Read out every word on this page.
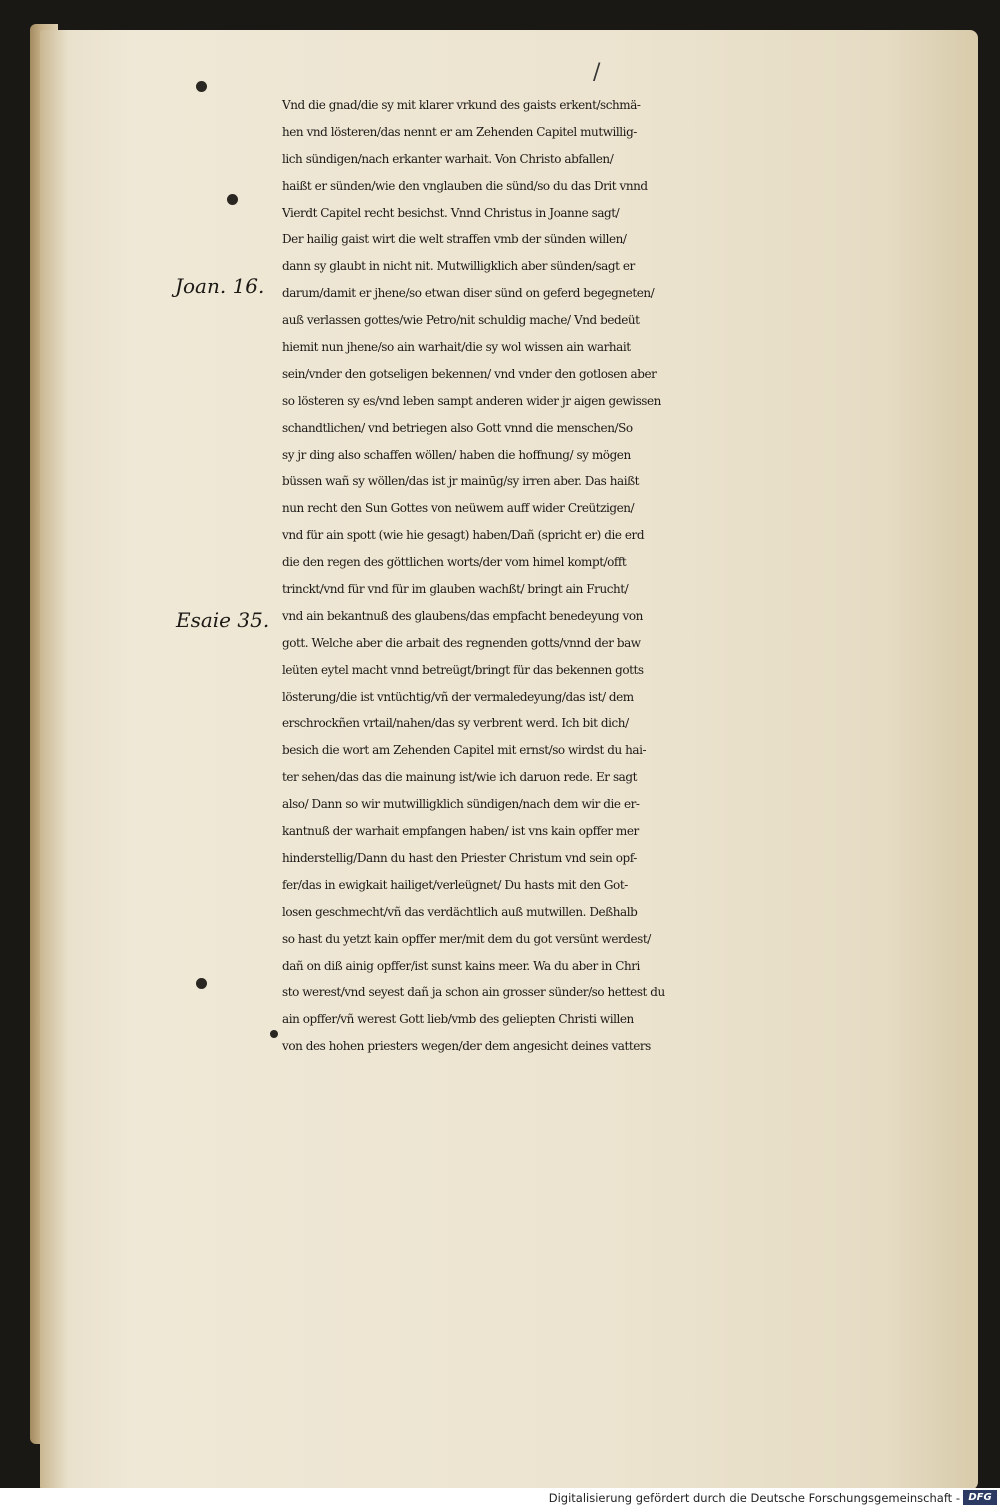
/
Joan. 16.
Esaie 35.
Vnd die gnad/die sy mit klarer vrkund des gaists erkent/schmä-
hen vnd lösteren/das nennt er am Zehenden Capitel mutwillig-
lich sündigen/nach erkanter warhait. Von Christo abfallen/
haißt er sünden/wie den vnglauben die sünd/so du das Drit vnnd
Vierdt Capitel recht besichst. Vnnd Christus in Joanne sagt/
Der hailig gaist wirt die welt straffen vmb der sünden willen/
dann sy glaubt in nicht nit. Mutwilligklich aber sünden/sagt er
darum/damit er jhene/so etwan diser sünd on geferd begegneten/
auß verlassen gottes/wie Petro/nit schuldig mache/ Vnd bedeüt
hiemit nun jhene/so ain warhait/die sy wol wissen ain warhait
sein/vnder den gotseligen bekennen/ vnd vnder den gotlosen aber
so lösteren sy es/vnd leben sampt anderen wider jr aigen gewissen
schandtlichen/ vnd betriegen also Gott vnnd die menschen/So
sy jr ding also schaffen wöllen/ haben die hoffnung/ sy mögen
büssen wañ sy wöllen/das ist jr mainūg/sy irren aber. Das haißt
nun recht den Sun Gottes von neüwem auff wider Creützigen/
vnd für ain spott (wie hie gesagt) haben/Dañ (spricht er) die erd
die den regen des göttlichen worts/der vom himel kompt/offt
trinckt/vnd für vnd für im glauben wachßt/ bringt ain Frucht/
vnd ain bekantnuß des glaubens/das empfacht benedeyung von
gott. Welche aber die arbait des regnenden gotts/vnnd der baw
leüten eytel macht vnnd betreügt/bringt für das bekennen gotts
lösterung/die ist vntüchtig/vñ der vermaledeyung/das ist/ dem
erschrockñen vrtail/nahen/das sy verbrent werd. Ich bit dich/
besich die wort am Zehenden Capitel mit ernst/so wirdst du hai-
ter sehen/das das die mainung ist/wie ich daruon rede. Er sagt
also/ Dann so wir mutwilligklich sündigen/nach dem wir die er-
kantnuß der warhait empfangen haben/ ist vns kain opffer mer
hinderstellig/Dann du hast den Priester Christum vnd sein opf-
fer/das in ewigkait hailiget/verleügnet/ Du hasts mit den Got-
losen geschmecht/vñ das verdächtlich auß mutwillen. Deßhalb
so hast du yetzt kain opffer mer/mit dem du got versünt werdest/
dañ on diß ainig opffer/ist sunst kains meer. Wa du aber in Chri
sto werest/vnd seyest dañ ja schon ain grosser sünder/so hettest du
ain opffer/vñ werest Gott lieb/vmb des geliepten Christi willen
von des hohen priesters wegen/der dem angesicht deines vatters
Digitalisierung gefördert durch die Deutsche Forschungsgemeinschaft - DFG
